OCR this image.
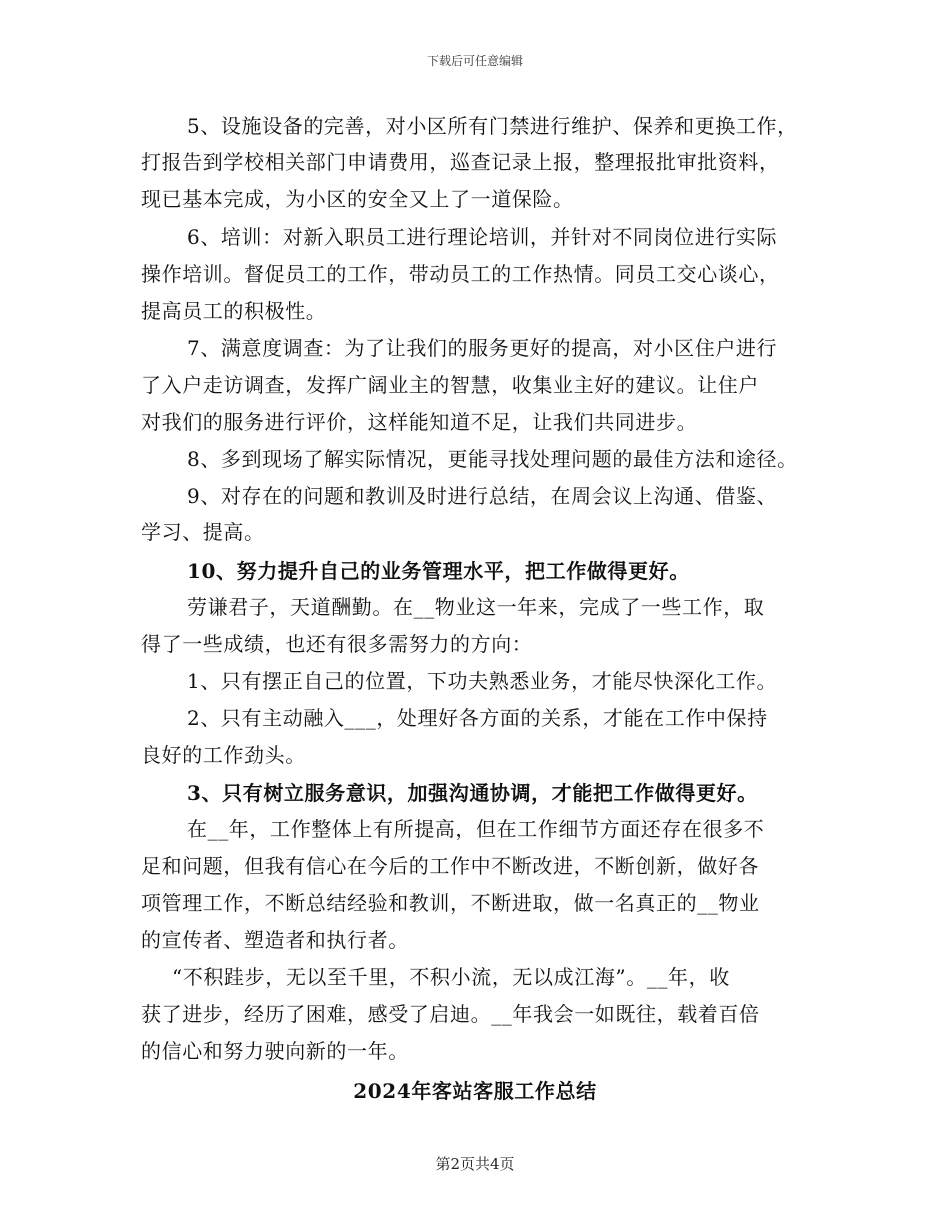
下载后可任意编辑
5、设施设备的完善，对小区所有门禁进行维护、保养和更换工作，
打报告到学校相关部门申请费用，巡查记录上报，整理报批审批资料，
现已基本完成，为小区的安全又上了一道保险。
6、培训：对新入职员工进行理论培训，并针对不同岗位进行实际
操作培训。督促员工的工作，带动员工的工作热情。同员工交心谈心，
提高员工的积极性。
7、满意度调查：为了让我们的服务更好的提高，对小区住户进行
了入户走访调查，发挥广阔业主的智慧，收集业主好的建议。让住户
对我们的服务进行评价，这样能知道不足，让我们共同进步。
8、多到现场了解实际情况，更能寻找处理问题的最佳方法和途径。
9、对存在的问题和教训及时进行总结，在周会议上沟通、借鉴、
学习、提高。
10、努力提升自己的业务管理水平，把工作做得更好。
劳谦君子，天道酬勤。在__物业这一年来，完成了一些工作，取
得了一些成绩，也还有很多需努力的方向：
1、只有摆正自己的位置，下功夫熟悉业务，才能尽快深化工作。
2、只有主动融入___，处理好各方面的关系，才能在工作中保持
良好的工作劲头。
3、只有树立服务意识，加强沟通协调，才能把工作做得更好。
在__年，工作整体上有所提高，但在工作细节方面还存在很多不
足和问题，但我有信心在今后的工作中不断改进，不断创新，做好各
项管理工作，不断总结经验和教训，不断进取，做一名真正的__物业
的宣传者、塑造者和执行者。
“不积跬步，无以至千里，不积小流，无以成江海”。__年，收
获了进步，经历了困难，感受了启迪。__年我会一如既往，载着百倍
的信心和努力驶向新的一年。
2024年客站客服工作总结
第2页共4页
